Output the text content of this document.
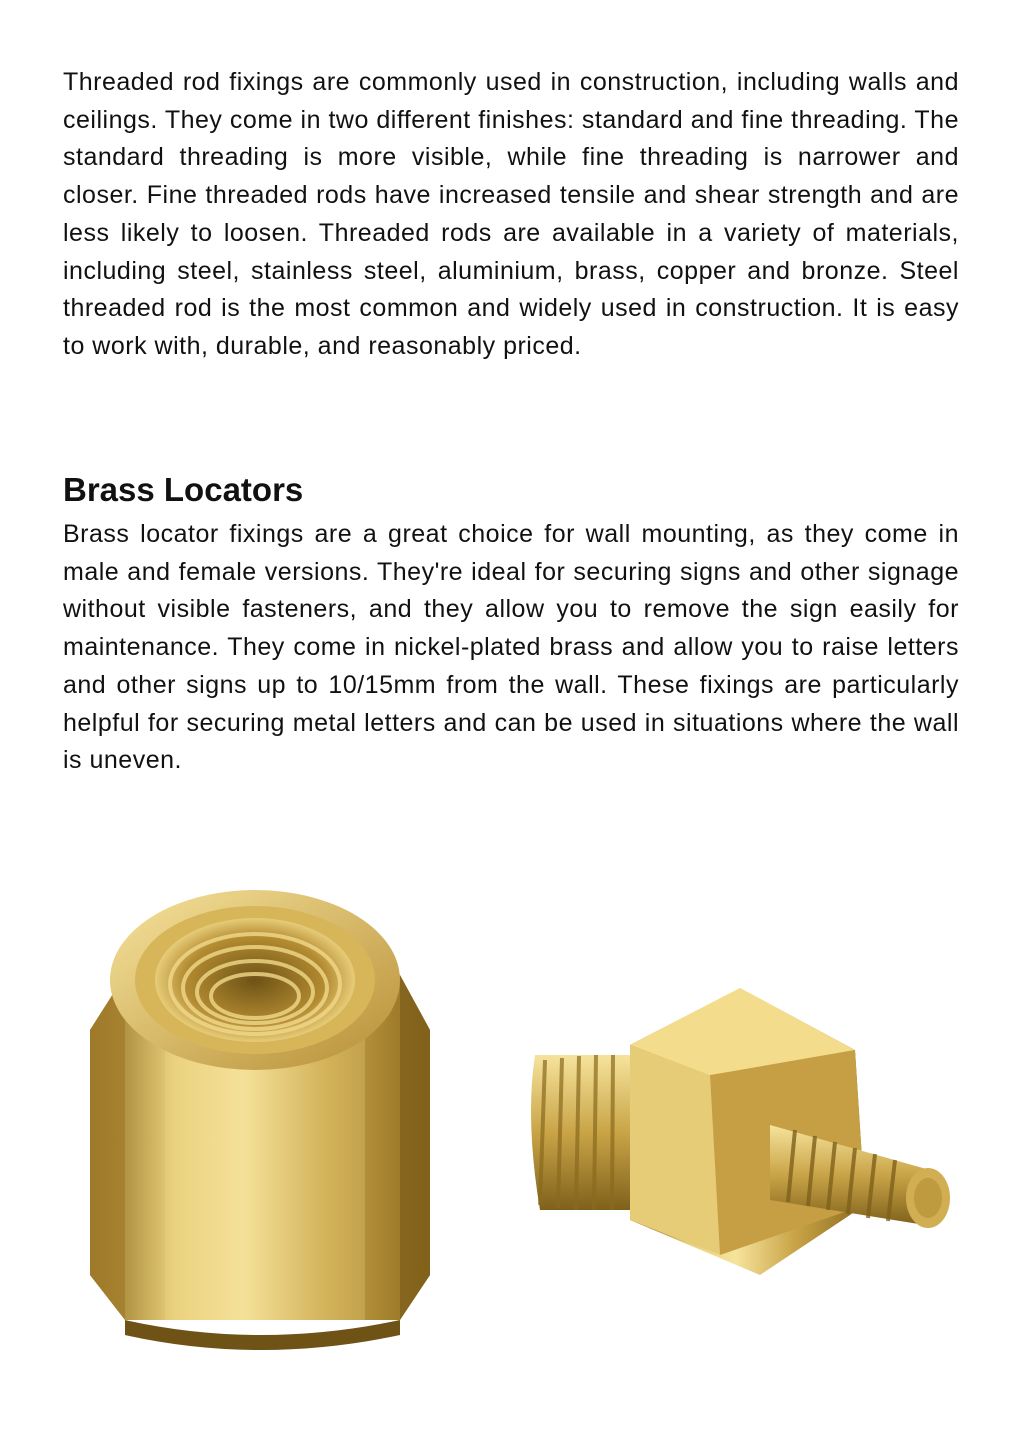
Threaded rod fixings are commonly used in construction, including walls and ceilings. They come in two different finishes: standard and fine threading. The standard threading is more visible, while fine threading is narrower and closer. Fine threaded rods have increased tensile and shear strength and are less likely to loosen. Threaded rods are available in a variety of materials, including steel, stainless steel, aluminium, brass, copper and bronze. Steel threaded rod is the most common and widely used in construction. It is easy to work with, durable, and reasonably priced.

Brass Locators

Brass locator fixings are a great choice for wall mounting, as they come in male and female versions. They're ideal for securing signs and other signage without visible fasteners, and they allow you to remove the sign easily for maintenance. They come in nickel-plated brass and allow you to raise letters and other signs up to 10/15mm from the wall. These fixings are particularly helpful for securing metal letters and can be used in situations where the wall is uneven.
